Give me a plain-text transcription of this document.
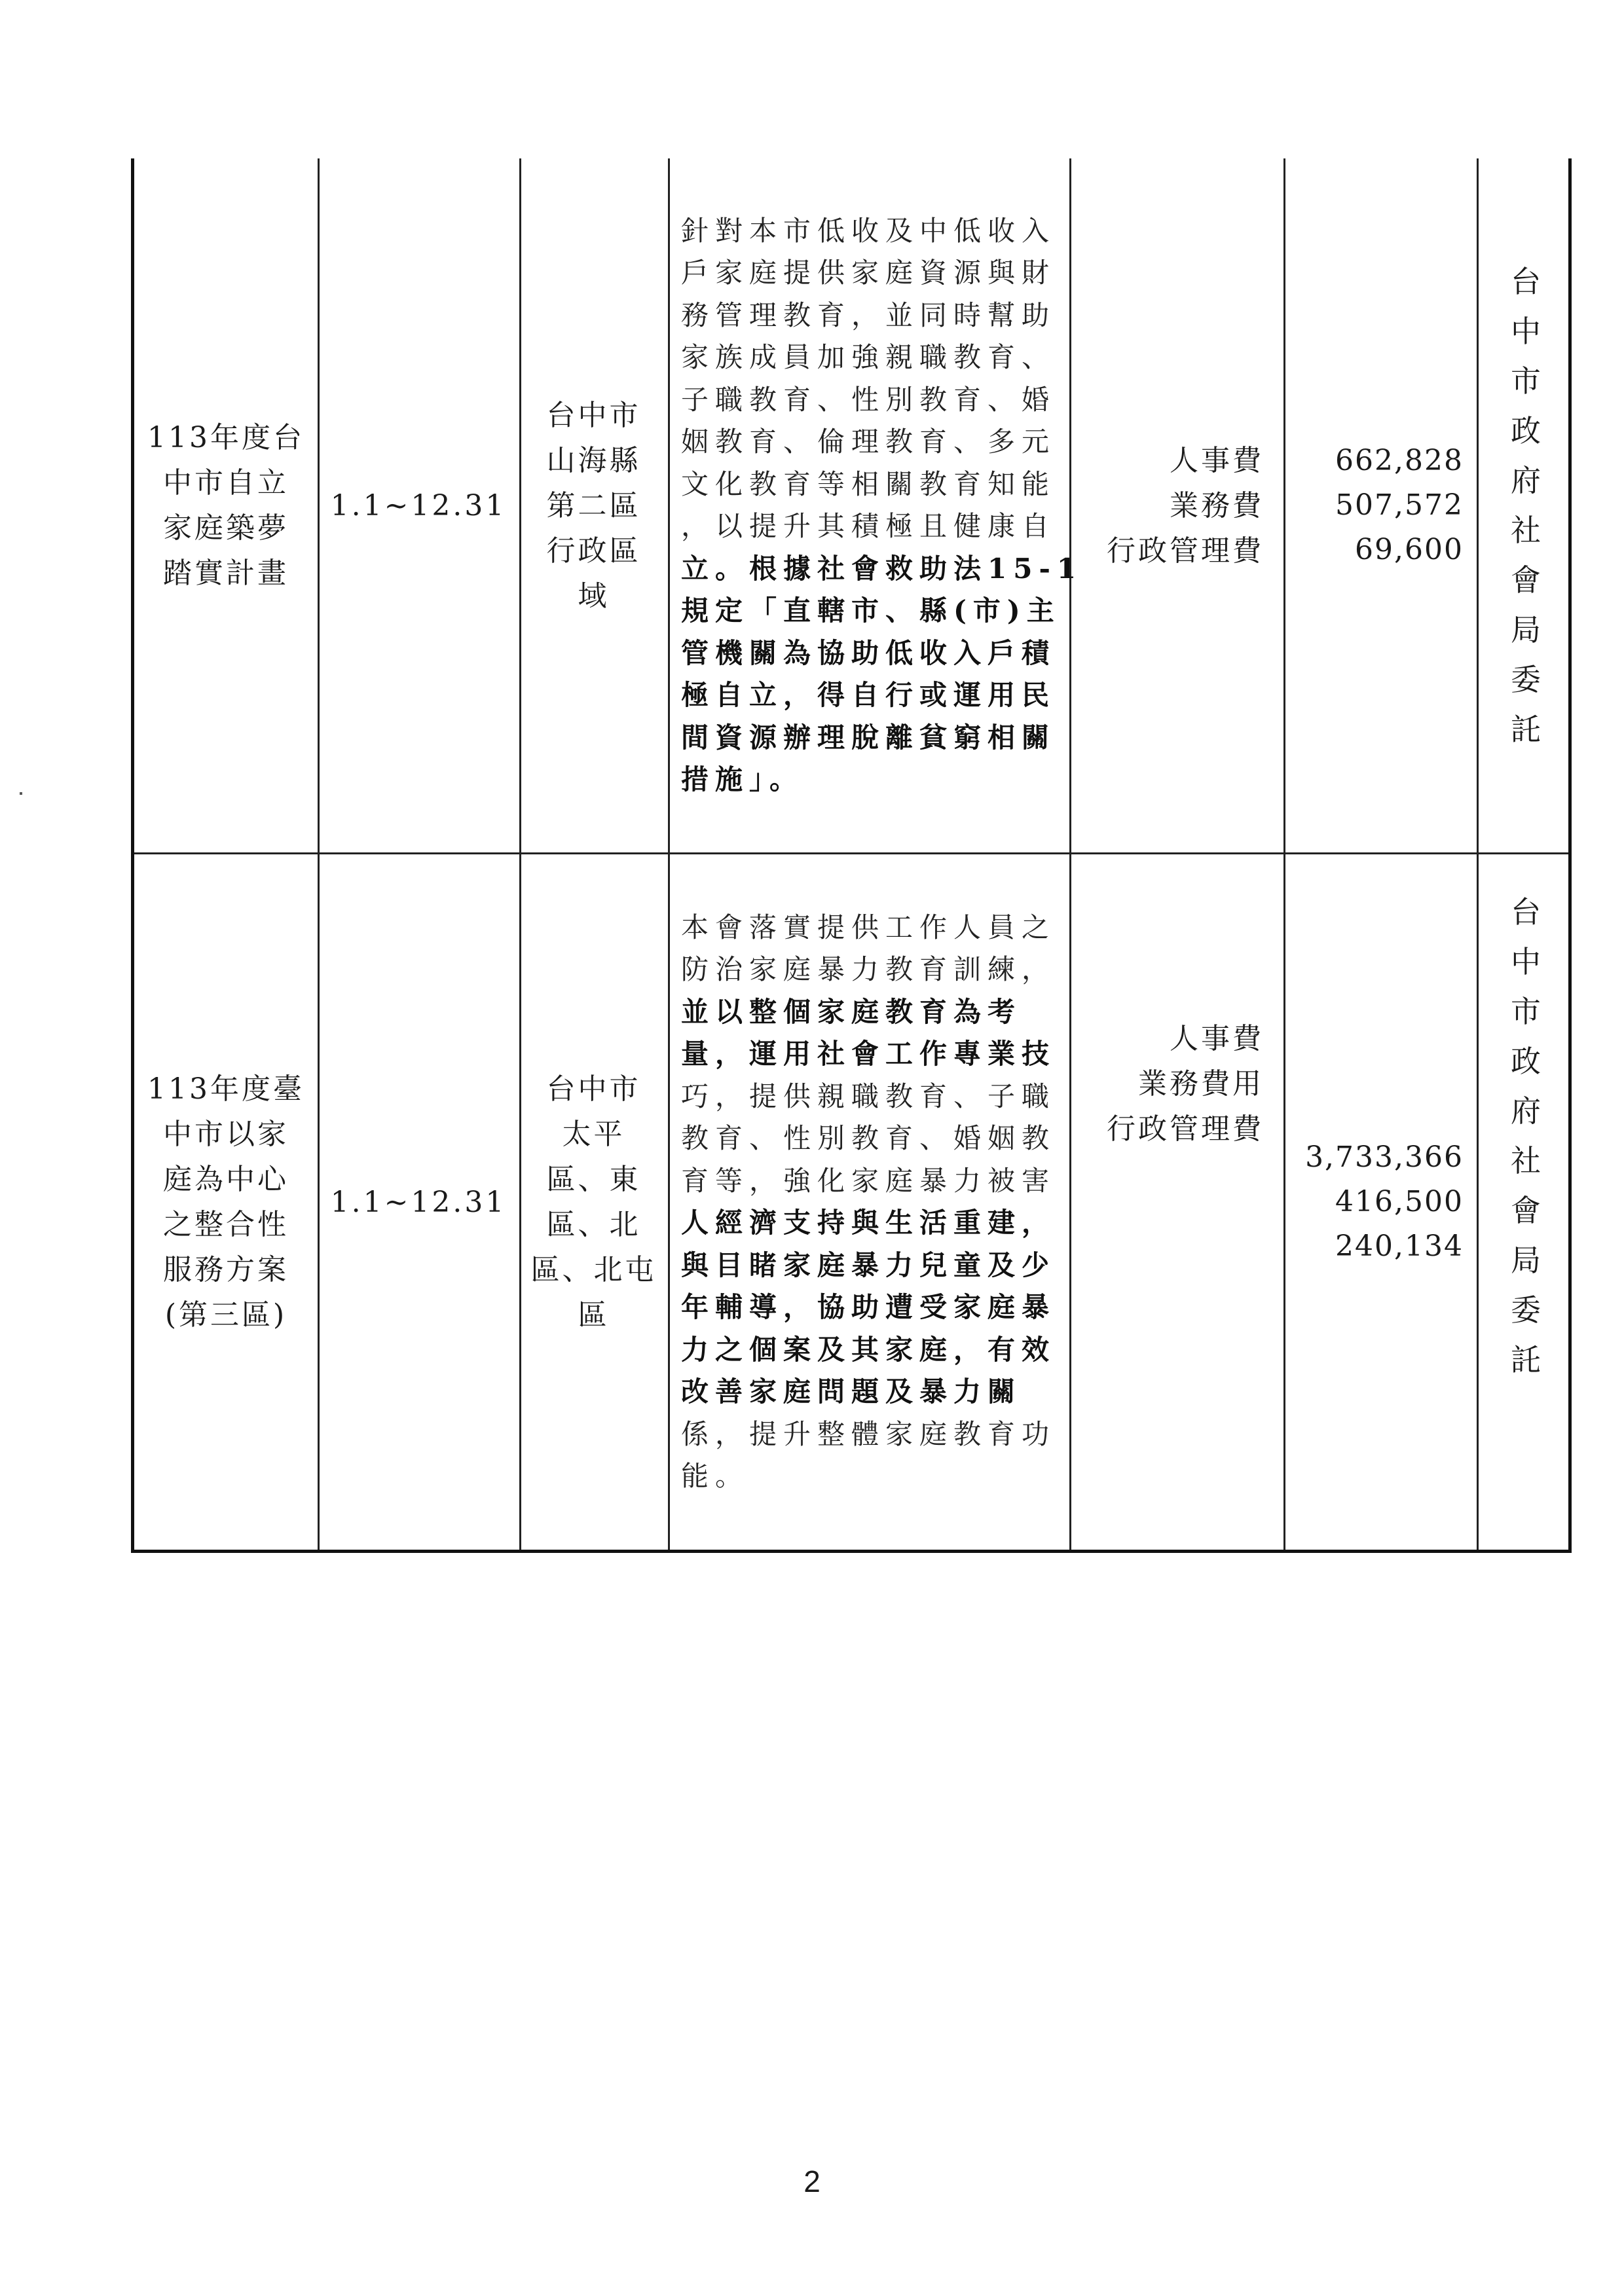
113年度台
中市自立
家庭築夢
踏實計畫
1.1~12.31
台中市
山海縣
第二區
行政區
域
針對本市低收及中低收入
戶家庭提供家庭資源與財
務管理教育，並同時幫助
家族成員加強親職教育、
子職教育、性別教育、婚
姻教育、倫理教育、多元
文化教育等相關教育知能
，以提升其積極且健康自
立。根據社會救助法15-1
規定「直轄市、縣(市)主
管機關為協助低收入戶積
極自立，得自行或運用民
間資源辦理脫離貧窮相關
措施」。
人事費
業務費
行政管理費
662,828
507,572
69,600
台
中
市
政
府
社
會
局
委
託
113年度臺
中市以家
庭為中心
之整合性
服務方案
(第三區)
1.1~12.31
台中市
太平
區、東
區、北
區、北屯
區
本會落實提供工作人員之
防治家庭暴力教育訓練，
並以整個家庭教育為考
量，運用社會工作專業技
巧，提供親職教育、子職
教育、性別教育、婚姻教
育等，強化家庭暴力被害
人經濟支持與生活重建，
與目睹家庭暴力兒童及少
年輔導，協助遭受家庭暴
力之個案及其家庭，有效
改善家庭問題及暴力關
係，提升整體家庭教育功
能。
人事費
業務費用
行政管理費
3,733,366
416,500
240,134
台
中
市
政
府
社
會
局
委
託
2
